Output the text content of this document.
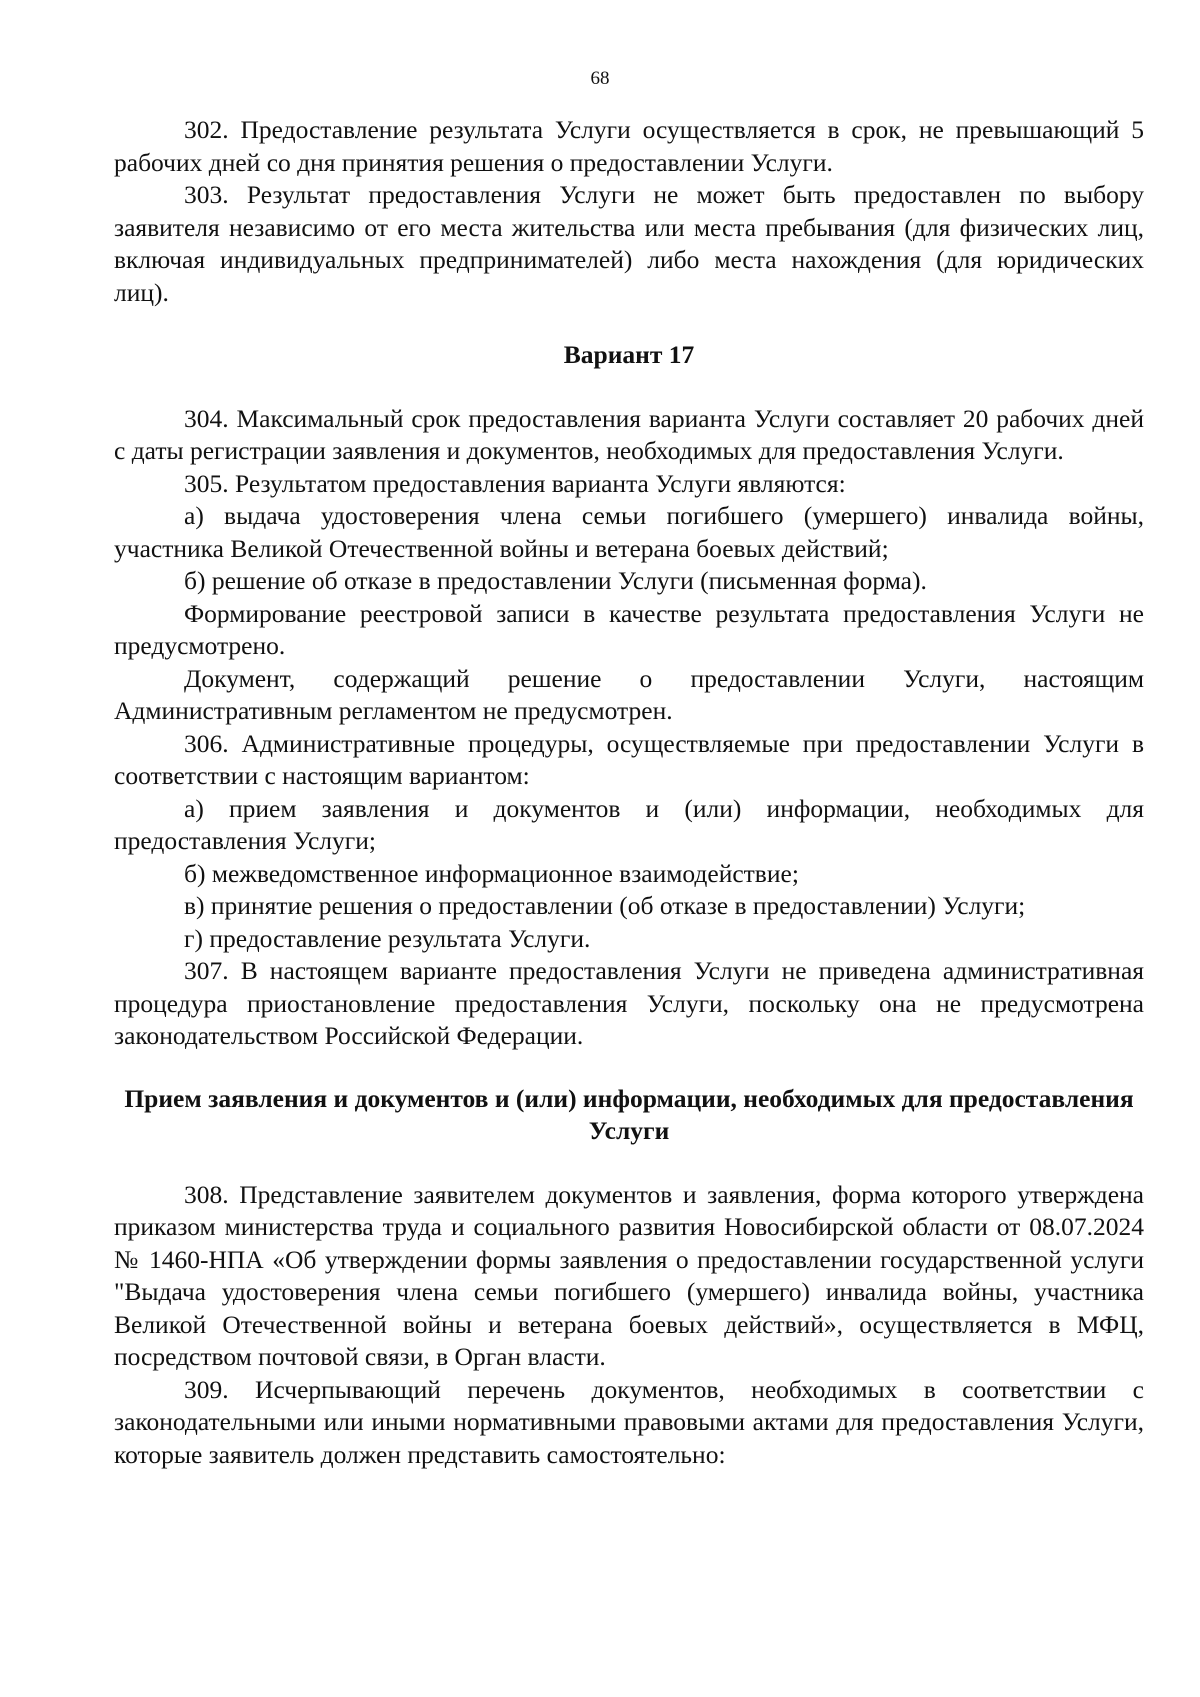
68

302. Предоставление результата Услуги осуществляется в срок, не превышающий 5 рабочих дней со дня принятия решения о предоставлении Услуги.

303. Результат предоставления Услуги не может быть предоставлен по выбору заявителя независимо от его места жительства или места пребывания (для физических лиц, включая индивидуальных предпринимателей) либо места нахождения (для юридических лиц).

Вариант 17

304. Максимальный срок предоставления варианта Услуги составляет 20 рабочих дней с даты регистрации заявления и документов, необходимых для предоставления Услуги.

305. Результатом предоставления варианта Услуги являются:

а) выдача удостоверения члена семьи погибшего (умершего) инвалида войны, участника Великой Отечественной войны и ветерана боевых действий;

б) решение об отказе в предоставлении Услуги (письменная форма).

Формирование реестровой записи в качестве результата предоставления Услуги не предусмотрено.

Документ, содержащий решение о предоставлении Услуги, настоящим Административным регламентом не предусмотрен.

306. Административные процедуры, осуществляемые при предоставлении Услуги в соответствии с настоящим вариантом:

а) прием заявления и документов и (или) информации, необходимых для предоставления Услуги;

б) межведомственное информационное взаимодействие;

в) принятие решения о предоставлении (об отказе в предоставлении) Услуги;

г) предоставление результата Услуги.

307. В настоящем варианте предоставления Услуги не приведена административная процедура приостановление предоставления Услуги, поскольку она не предусмотрена законодательством Российской Федерации.

Прием заявления и документов и (или) информации, необходимых для предоставления Услуги

308. Представление заявителем документов и заявления, форма которого утверждена приказом министерства труда и социального развития Новосибирской области от 08.07.2024 № 1460-НПА «Об утверждении формы заявления о предоставлении государственной услуги "Выдача удостоверения члена семьи погибшего (умершего) инвалида войны, участника Великой Отечественной войны и ветерана боевых действий», осуществляется в МФЦ, посредством почтовой связи, в Орган власти.

309. Исчерпывающий перечень документов, необходимых в соответствии с законодательными или иными нормативными правовыми актами для предоставления Услуги, которые заявитель должен представить самостоятельно:
